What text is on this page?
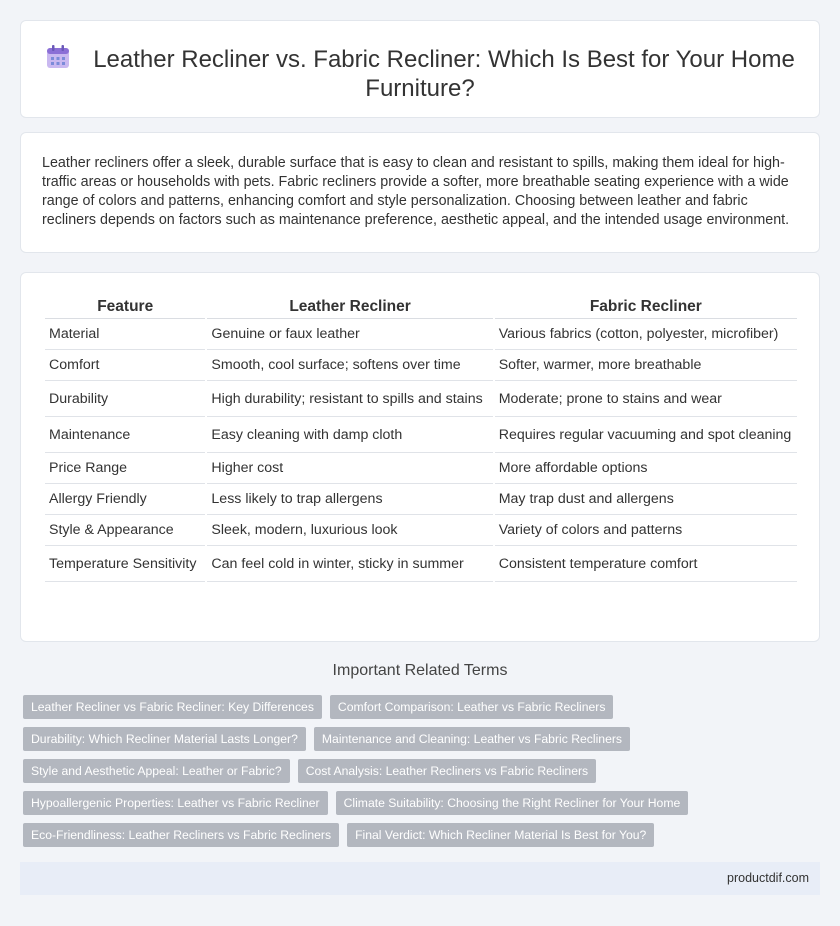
Leather Recliner vs. Fabric Recliner: Which Is Best for Your Home Furniture?

Leather recliners offer a sleek, durable surface that is easy to clean and resistant to spills, making them ideal for high-traffic areas or households with pets. Fabric recliners provide a softer, more breathable seating experience with a wide range of colors and patterns, enhancing comfort and style personalization. Choosing between leather and fabric recliners depends on factors such as maintenance preference, aesthetic appeal, and the intended usage environment.

Feature	Leather Recliner	Fabric Recliner
Material	Genuine or faux leather	Various fabrics (cotton, polyester, microfiber)
Comfort	Smooth, cool surface; softens over time	Softer, warmer, more breathable
Durability	High durability; resistant to spills and stains	Moderate; prone to stains and wear
Maintenance	Easy cleaning with damp cloth	Requires regular vacuuming and spot cleaning
Price Range	Higher cost	More affordable options
Allergy Friendly	Less likely to trap allergens	May trap dust and allergens
Style & Appearance	Sleek, modern, luxurious look	Variety of colors and patterns
Temperature Sensitivity	Can feel cold in winter, sticky in summer	Consistent temperature comfort
Important Related Terms
Leather Recliner vs Fabric Recliner: Key Differences	Comfort Comparison: Leather vs Fabric Recliners
Durability: Which Recliner Material Lasts Longer?	Maintenance and Cleaning: Leather vs Fabric Recliners
Style and Aesthetic Appeal: Leather or Fabric?	Cost Analysis: Leather Recliners vs Fabric Recliners
Hypoallergenic Properties: Leather vs Fabric Recliner	Climate Suitability: Choosing the Right Recliner for Your Home
Eco-Friendliness: Leather Recliners vs Fabric Recliners	Final Verdict: Which Recliner Material Is Best for You?
productdif.com
